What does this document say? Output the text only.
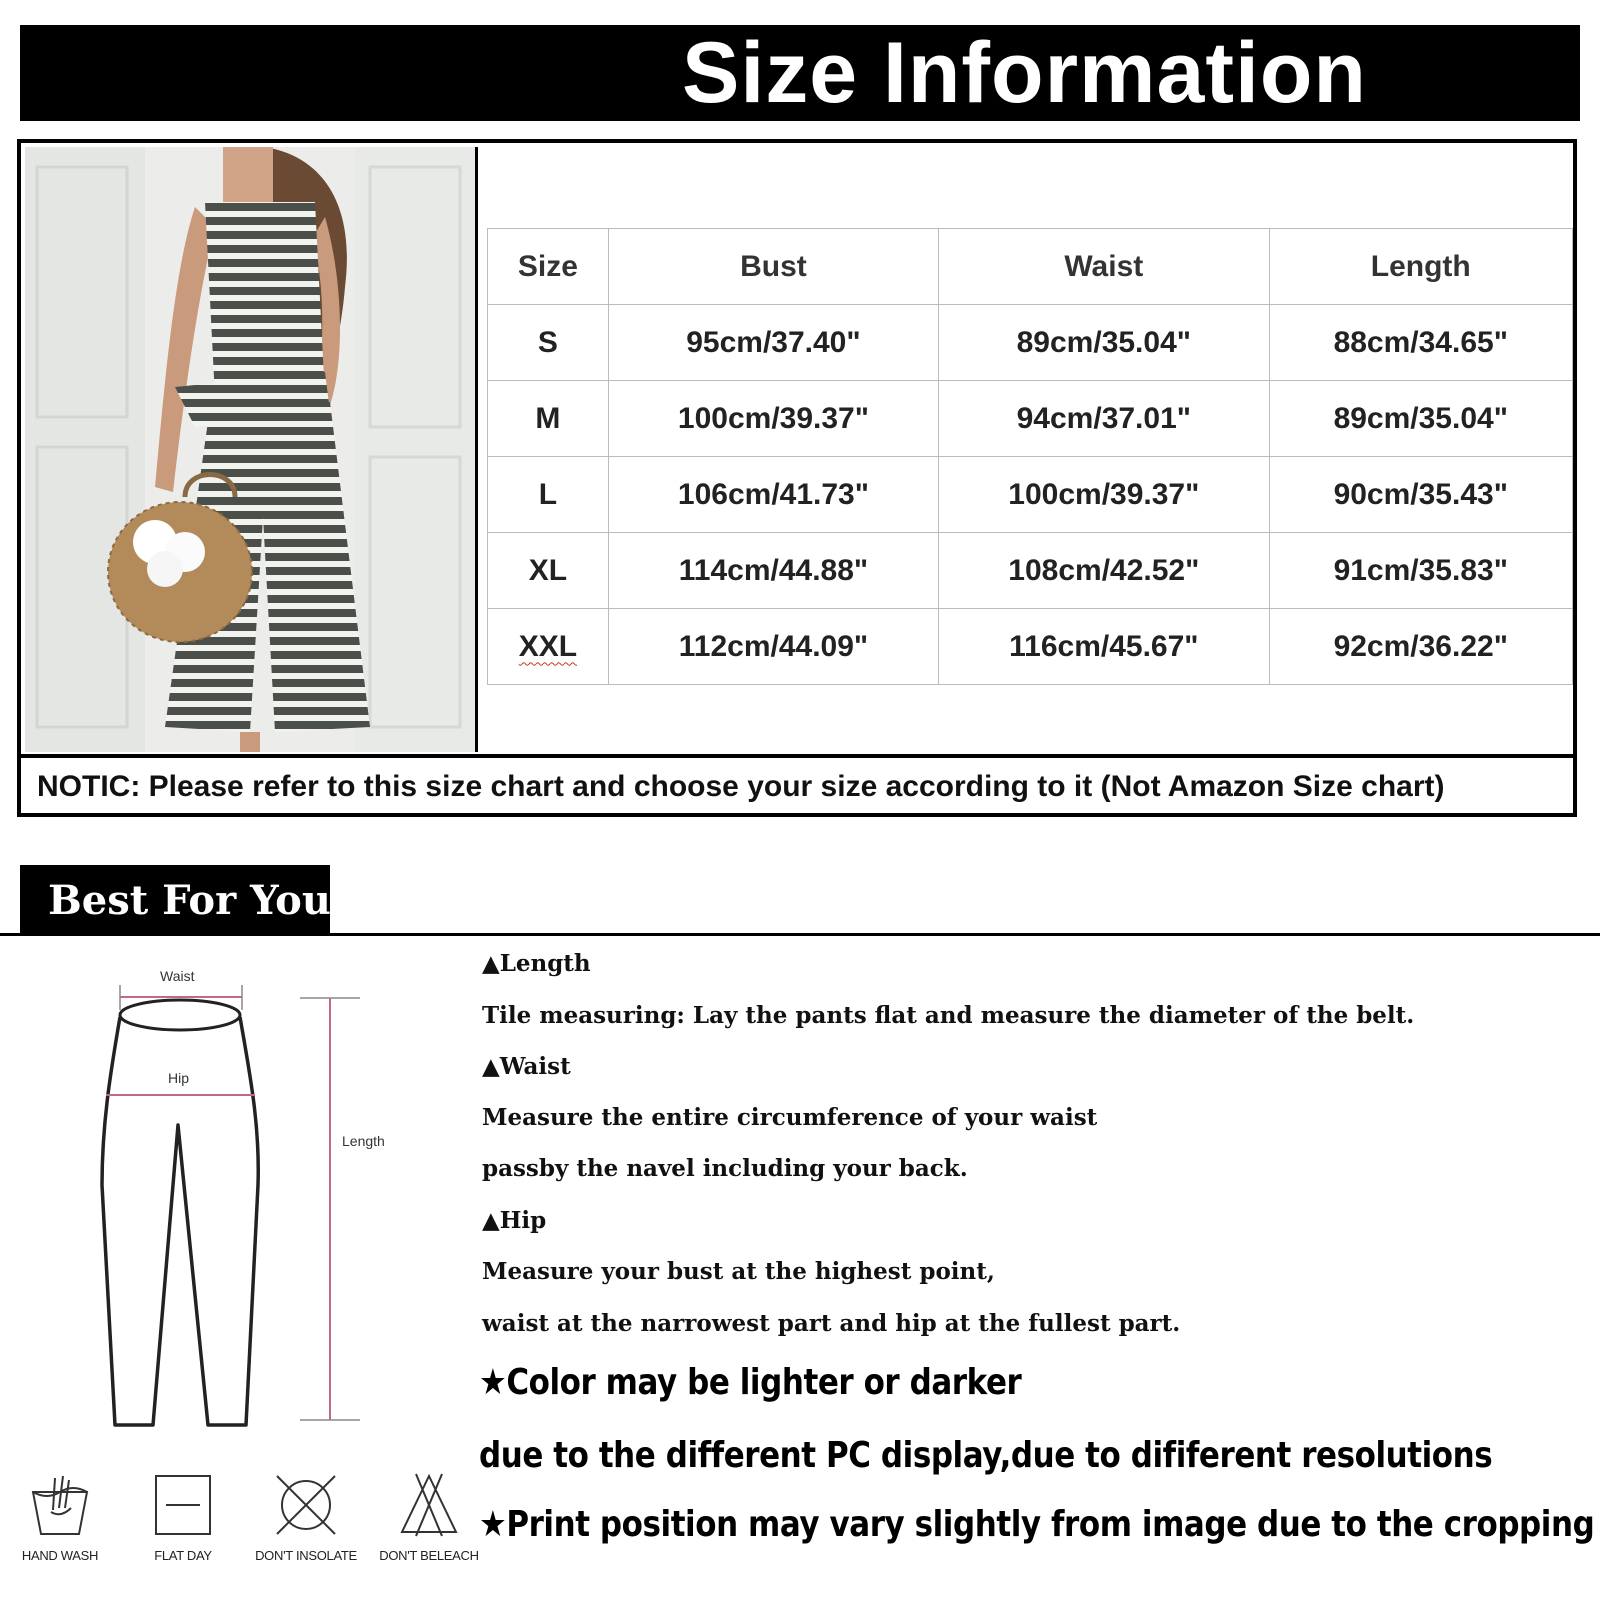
Size Information
Size	Bust	Waist	Length
S	95cm/37.40"	89cm/35.04"	88cm/34.65"
M	100cm/39.37"	94cm/37.01"	89cm/35.04"
L	106cm/41.73"	100cm/39.37"	90cm/35.43"
XL	114cm/44.88"	108cm/42.52"	91cm/35.83"
XXL	112cm/44.09"	116cm/45.67"	92cm/36.22"
NOTIC: Please refer to this size chart and choose your size according to it (Not Amazon Size chart)
Best For You
Waist
Hip
Length
▲Length
Tile measuring: Lay the pants flat and measure the diameter of the belt.
▲Waist
Measure the entire circumference of your waist
passby the navel including your back.
▲Hip
Measure your bust at the highest point,
waist at the narrowest part and hip at the fullest part.
★Color may be lighter or darker
due to the different PC display,due to dififerent resolutions
★Print position may vary slightly from image due to the cropping
HAND WASH	FLAT DAY	DON'T INSOLATE	DON'T BELEACH
